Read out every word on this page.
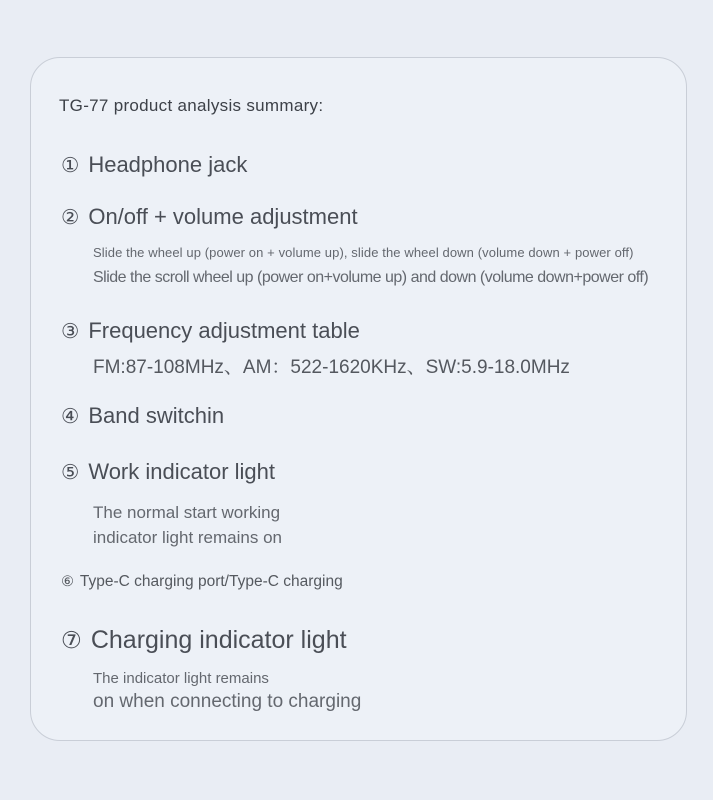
TG-77 product analysis summary:
① Headphone jack
② On/off + volume adjustment
Slide the wheel up (power on + volume up), slide the wheel down (volume down + power off)
Slide the scroll wheel up (power on+volume up) and down (volume down+power off)
③ Frequency adjustment table
FM:87-108MHz、AM：522-1620KHz、SW:5.9-18.0MHz
④ Band switchin
⑤ Work indicator light
The normal start working
indicator light remains on
⑥ Type-C charging port/Type-C charging
⑦ Charging indicator light
The indicator light remains
on when connecting to charging
